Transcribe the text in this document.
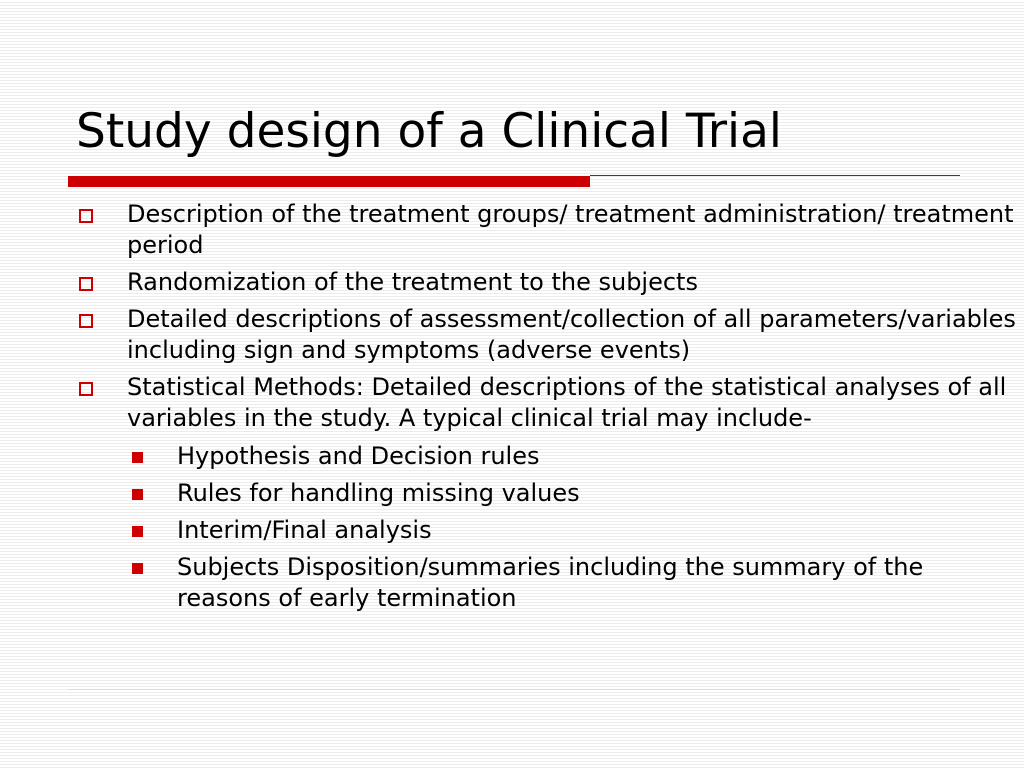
Study design of a Clinical Trial
Description of the treatment groups/ treatment administration/ treatment period
Randomization of the treatment to the subjects
Detailed descriptions of assessment/collection of all parameters/variables including sign and symptoms (adverse events)
Statistical Methods: Detailed descriptions of the statistical analyses of all variables in the study. A typical clinical trial may include-
Hypothesis and Decision rules
Rules for handling missing values
Interim/Final analysis
Subjects Disposition/summaries including the summary of the reasons of early termination
